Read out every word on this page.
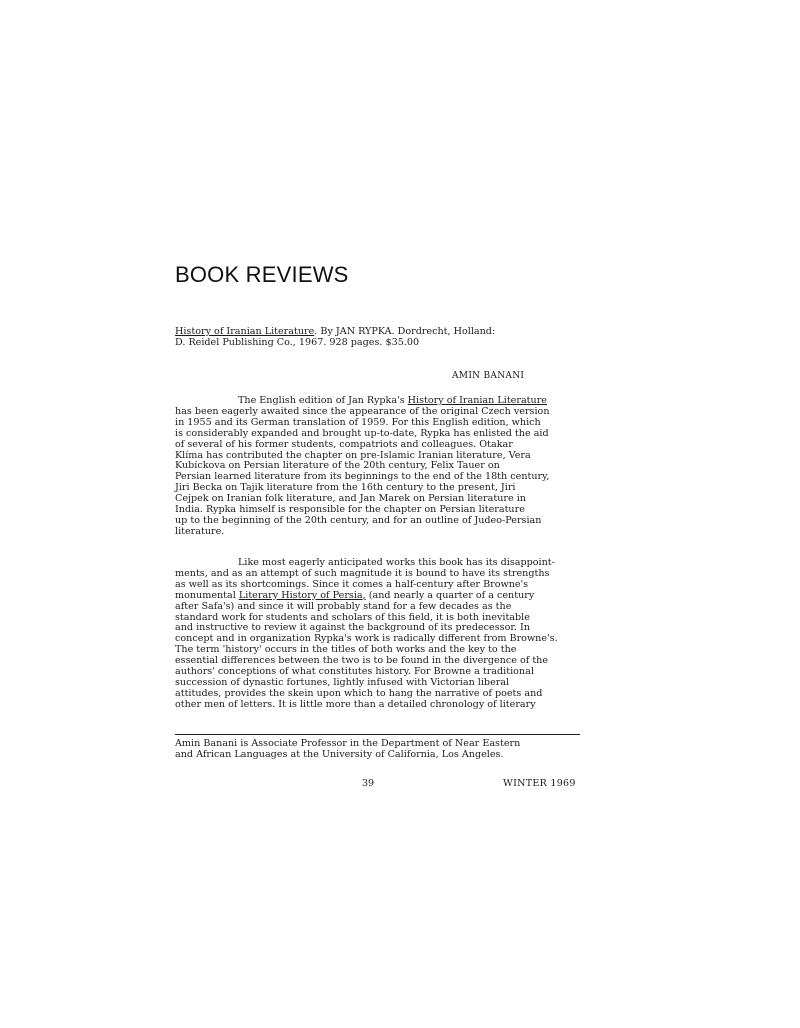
BOOK REVIEWS
History of Iranian Literature. By JAN RYPKA. Dordrecht, Holland:
D. Reidel Publishing Co., 1967. 928 pages. $35.00
AMIN BANANI
The English edition of Jan Rypka's History of Iranian Literature
has been eagerly awaited since the appearance of the original Czech version
in 1955 and its German translation of 1959. For this English edition, which
is considerably expanded and brought up-to-date, Rypka has enlisted the aid
of several of his former students, compatriots and colleagues. Otakar
Klíma has contributed the chapter on pre-Islamic Iranian literature, Vera
Kubíckova on Persian literature of the 20th century, Felix Tauer on
Persian learned literature from its beginnings to the end of the 18th century,
Jiri Becka on Tajik literature from the 16th century to the present, Jiri
Cejpek on Iranian folk literature, and Jan Marek on Persian literature in
India. Rypka himself is responsible for the chapter on Persian literature
up to the beginning of the 20th century, and for an outline of Judeo-Persian
literature.
Like most eagerly anticipated works this book has its disappoint-
ments, and as an attempt of such magnitude it is bound to have its strengths
as well as its shortcomings. Since it comes a half-century after Browne's
monumental Literary History of Persia, (and nearly a quarter of a century
after Safa's) and since it will probably stand for a few decades as the
standard work for students and scholars of this field, it is both inevitable
and instructive to review it against the background of its predecessor. In
concept and in organization Rypka's work is radically different from Browne's.
The term 'history' occurs in the titles of both works and the key to the
essential differences between the two is to be found in the divergence of the
authors' conceptions of what constitutes history. For Browne a traditional
succession of dynastic fortunes, lightly infused with Victorian liberal
attitudes, provides the skein upon which to hang the narrative of poets and
other men of letters. It is little more than a detailed chronology of literary
Amin Banani is Associate Professor in the Department of Near Eastern
and African Languages at the University of California, Los Angeles.
39	WINTER 1969
